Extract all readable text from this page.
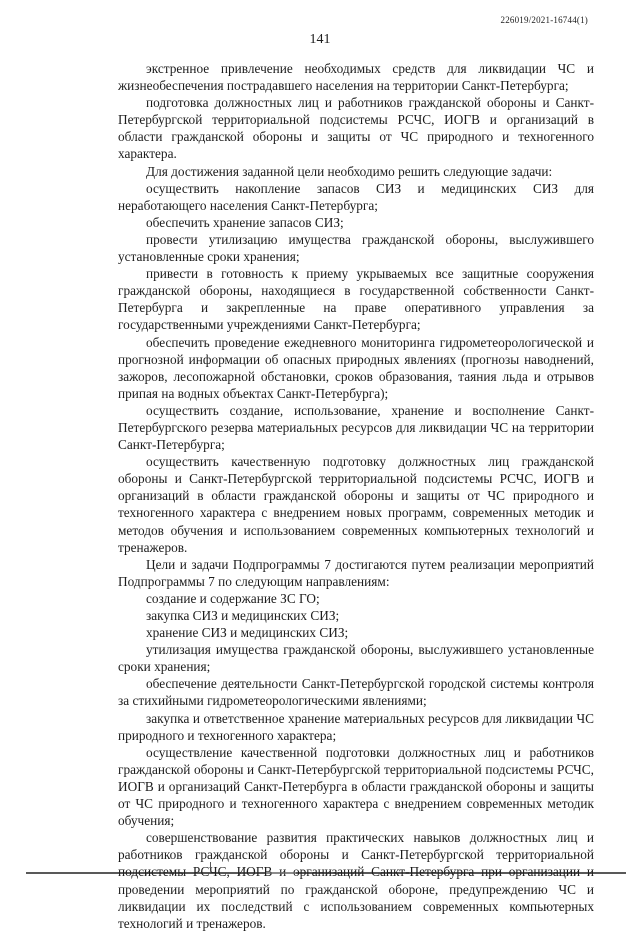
226019/2021-16744(1)
141

экстренное привлечение необходимых средств для ликвидации ЧС и жизнеобеспечения пострадавшего населения на территории Санкт-Петербурга;

подготовка должностных лиц и работников гражданской обороны и Санкт-Петербургской территориальной подсистемы РСЧС, ИОГВ и организаций в области гражданской обороны и защиты от ЧС природного и техногенного характера.

Для достижения заданной цели необходимо решить следующие задачи:

осуществить накопление запасов СИЗ и медицинских СИЗ для неработающего населения Санкт-Петербурга;

обеспечить хранение запасов СИЗ;

провести утилизацию имущества гражданской обороны, выслужившего установленные сроки хранения;

привести в готовность к приему укрываемых все защитные сооружения гражданской обороны, находящиеся в государственной собственности Санкт-Петербурга и закрепленные на праве оперативного управления за государственными учреждениями Санкт-Петербурга;

обеспечить проведение ежедневного мониторинга гидрометеорологической и прогнозной информации об опасных природных явлениях (прогнозы наводнений, зажоров, лесопожарной обстановки, сроков образования, таяния льда и отрывов припая на водных объектах Санкт-Петербурга);

осуществить создание, использование, хранение и восполнение Санкт-Петербургского резерва материальных ресурсов для ликвидации ЧС на территории Санкт-Петербурга;

осуществить качественную подготовку должностных лиц гражданской обороны и Санкт-Петербургской территориальной подсистемы РСЧС, ИОГВ и организаций в области гражданской обороны и защиты от ЧС природного и техногенного характера с внедрением новых программ, современных методик и методов обучения и использованием современных компьютерных технологий и тренажеров.

Цели и задачи Подпрограммы 7 достигаются путем реализации мероприятий Подпрограммы 7 по следующим направлениям:

создание и содержание ЗС ГО;

закупка СИЗ и медицинских СИЗ;

хранение СИЗ и медицинских СИЗ;

утилизация имущества гражданской обороны, выслужившего установленные сроки хранения;

обеспечение деятельности Санкт-Петербургской городской системы контроля за стихийными гидрометеорологическими явлениями;

закупка и ответственное хранение материальных ресурсов для ликвидации ЧС природного и техногенного характера;

осуществление качественной подготовки должностных лиц и работников гражданской обороны и Санкт-Петербургской территориальной подсистемы РСЧС, ИОГВ и организаций Санкт-Петербурга в области гражданской обороны и защиты от ЧС природного и техногенного характера с внедрением современных методик обучения;

совершенствование развития практических навыков должностных лиц и работников гражданской обороны и Санкт-Петербургской территориальной проведении мероприятий по гражданской обороне, предупреждению ЧС и ликвидации их последствий с использованием современных компьютерных технологий и тренажеров.
